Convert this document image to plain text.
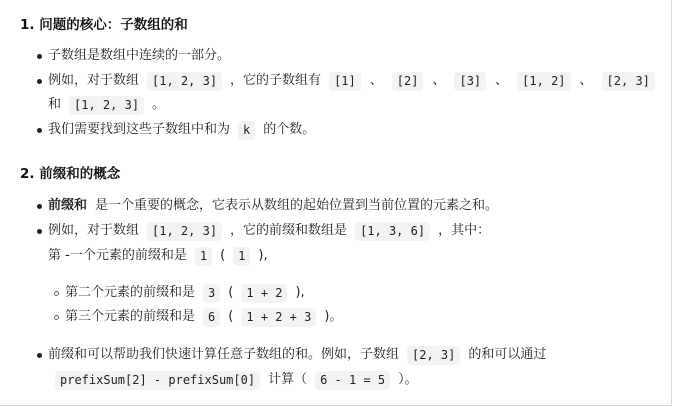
1. 问题的核心：子数组的和
子数组是数组中连续的一部分。
例如，对于数组	[1, 2, 3]	，它的子数组有	[1]	、	[2]	、	[3]	、	[1, 2]	、	[2, 3]
和	[1, 2, 3]	。
我们需要找到这些子数组中和为	k	的个数。
2. 前缀和的概念
前缀和 是一个重要的概念，它表示从数组的起始位置到当前位置的元素之和。
例如，对于数组	[1, 2, 3]	，它的前缀和数组是	[1, 3, 6]	，其中：
第 -一个元素的前缀和是	1	(	1	),
第二个元素的前缀和是	3	(	1 + 2	),
第三个元素的前缀和是	6	(	1 + 2 + 3	)。
前缀和可以帮助我们快速计算任意子数组的和。例如，子数组	[2, 3]	的和可以通过
prefixSum[2] - prefixSum[0]	计算（	6 - 1 = 5	）。
